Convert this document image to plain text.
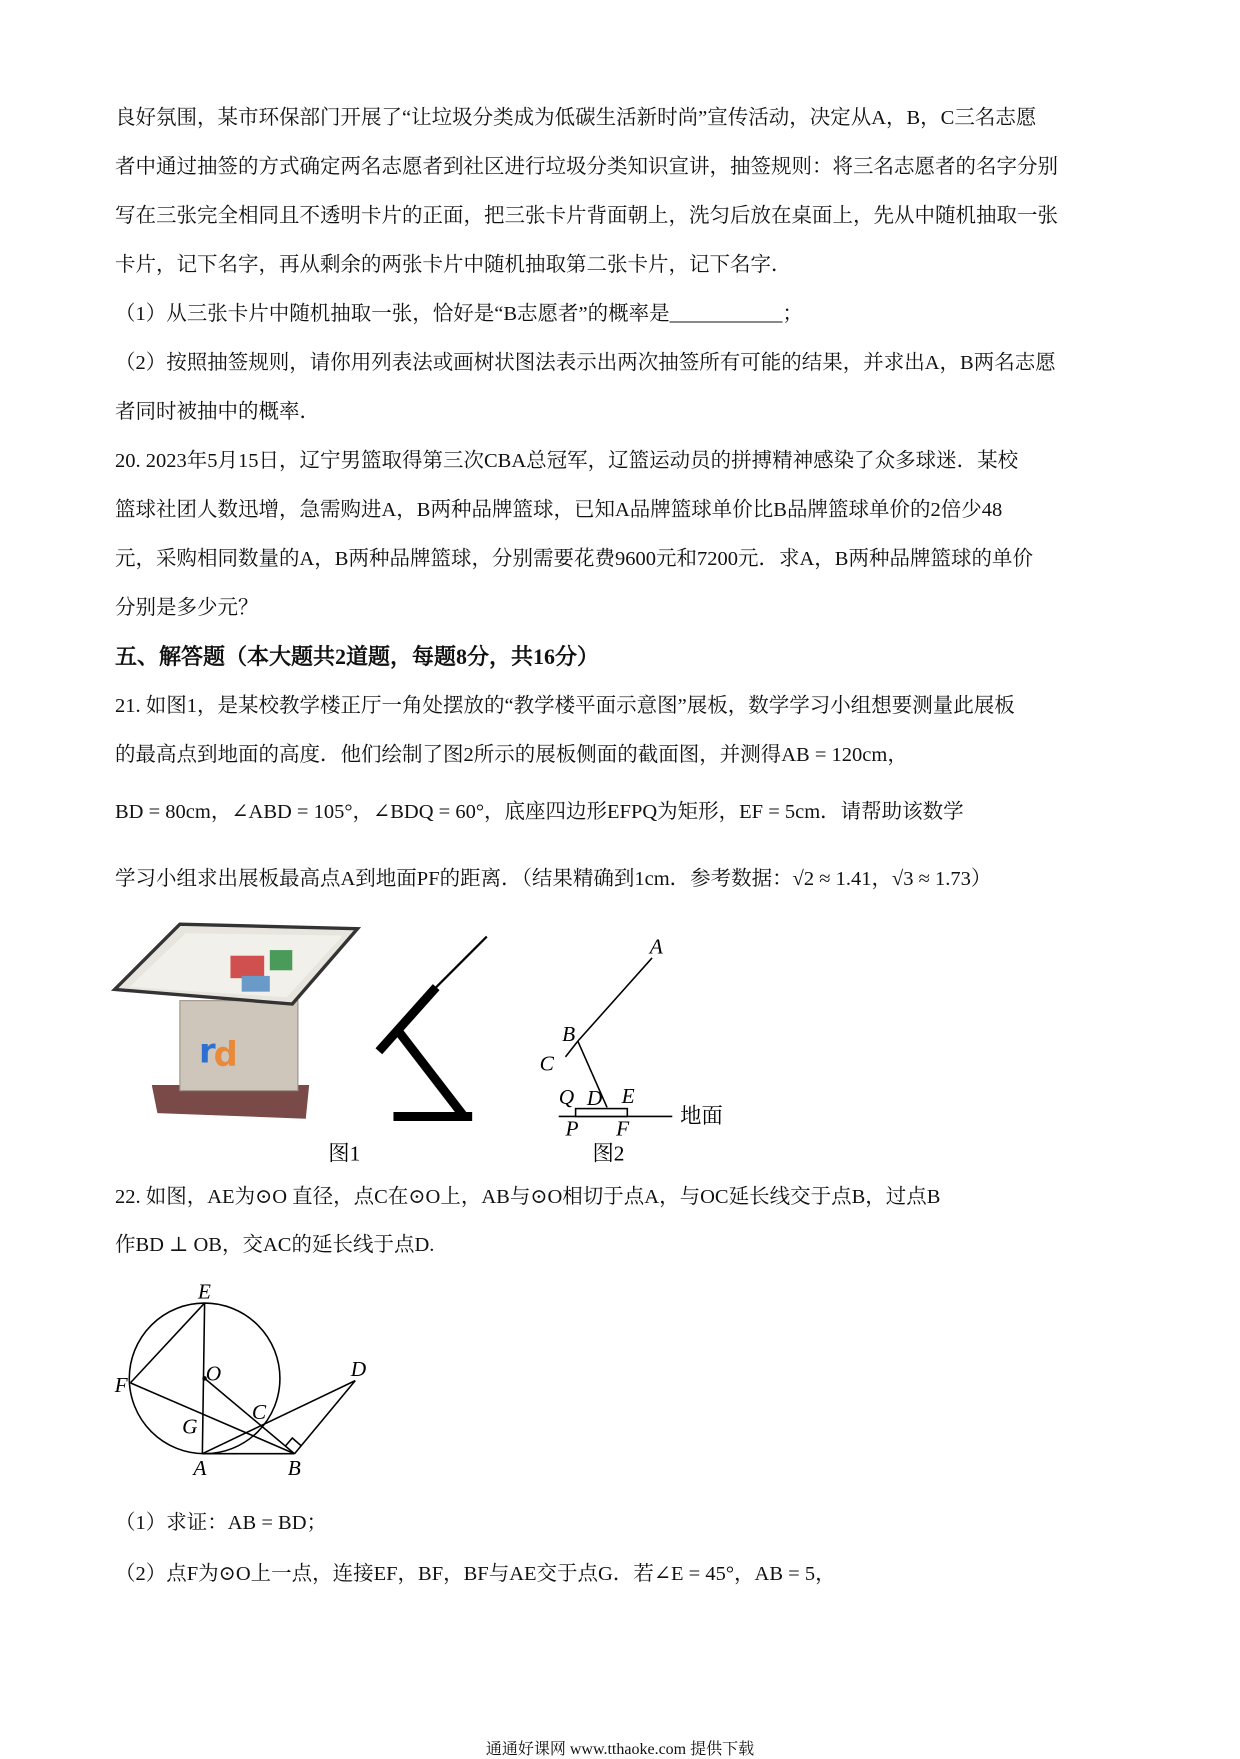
良好氛围，某市环保部门开展了“让垃圾分类成为低碳生活新时尚”宣传活动，决定从A，B，C三名志愿
者中通过抽签的方式确定两名志愿者到社区进行垃圾分类知识宣讲，抽签规则：将三名志愿者的名字分别
写在三张完全相同且不透明卡片的正面，把三张卡片背面朝上，洗匀后放在桌面上，先从中随机抽取一张
卡片，记下名字，再从剩余的两张卡片中随机抽取第二张卡片，记下名字．
（1）从三张卡片中随机抽取一张，恰好是“B志愿者”的概率是___________；
（2）按照抽签规则，请你用列表法或画树状图法表示出两次抽签所有可能的结果，并求出A，B两名志愿
者同时被抽中的概率．
20. 2023年5月15日，辽宁男篮取得第三次CBA总冠军，辽篮运动员的拼搏精神感染了众多球迷．某校
篮球社团人数迅增，急需购进A，B两种品牌篮球，已知A品牌篮球单价比B品牌篮球单价的2倍少48
元，采购相同数量的A，B两种品牌篮球，分别需要花费9600元和7200元．求A，B两种品牌篮球的单价
分别是多少元？
五、解答题（本大题共2道题，每题8分，共16分）
21. 如图1，是某校教学楼正厅一角处摆放的“教学楼平面示意图”展板，数学学习小组想要测量此展板
的最高点到地面的高度．他们绘制了图2所示的展板侧面的截面图，并测得AB = 120cm，
BD = 80cm，∠ABD = 105°，∠BDQ = 60°，底座四边形EFPQ为矩形，EF = 5cm．请帮助该数学
学习小组求出展板最高点A到地面PF的距离．（结果精确到1cm．参考数据：√2 ≈ 1.41，√3 ≈ 1.73）
22. 如图，AE为⊙O 直径，点C在⊙O上，AB与⊙O相切于点A，与OC延长线交于点B，过点B
作BD ⊥ OB，交AC的延长线于点D.
（1）求证：AB = BD；
（2）点F为⊙O上一点，连接EF，BF，BF与AE交于点G．若∠E = 45°，AB = 5，
r
d
图1
A
B
C
Q D E
P F
地面
图2
E
O
F
D
C
G
A	B
通通好课网 www.tthaoke.com 提供下载
